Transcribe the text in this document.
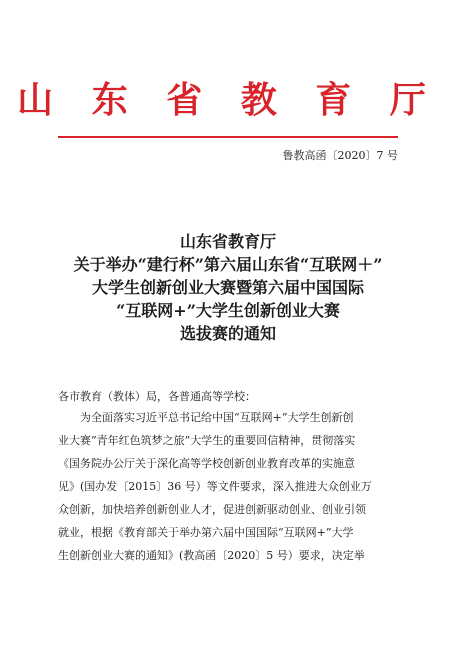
山 东 省 教 育 厅
鲁教高函〔2020〕7 号
山东省教育厅
关于举办“建行杯”第六届山东省“互联网＋”
大学生创新创业大赛暨第六届中国国际
“互联网+”大学生创新创业大赛
选拔赛的通知
各市教育（教体）局，各普通高等学校：
为全面落实习近平总书记给中国“互联网+”大学生创新创
业大赛“青年红色筑梦之旅”大学生的重要回信精神，贯彻落实
《国务院办公厅关于深化高等学校创新创业教育改革的实施意
见》(国办发〔2015〕36 号）等文件要求，深入推进大众创业万
众创新，加快培养创新创业人才，促进创新驱动创业、创业引领
就业，根据《教育部关于举办第六届中国国际“互联网+”大学
生创新创业大赛的通知》(教高函〔2020〕5 号）要求，决定举
